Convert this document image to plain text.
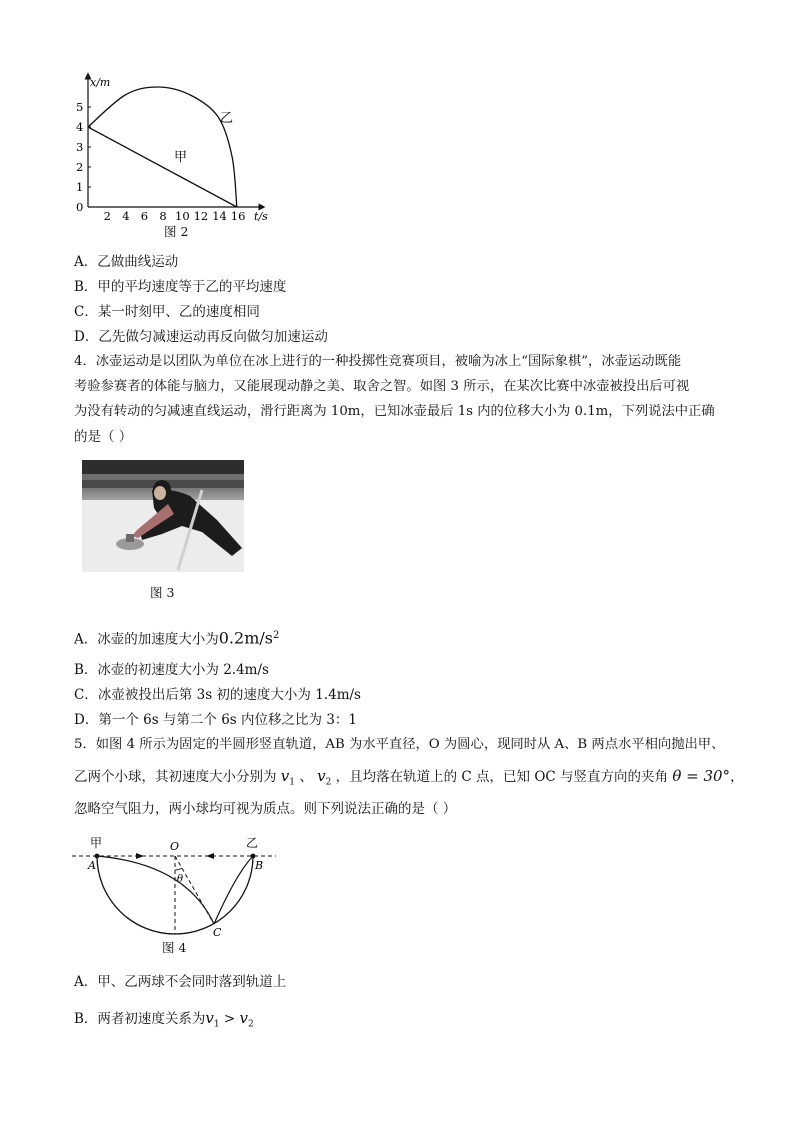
x/m
t/s
0
1
2
3
4
5
2 4 6 8 10 12 14 16
乙
甲
图 2
A．乙做曲线运动
B．甲的平均速度等于乙的平均速度
C．某一时刻甲、乙的速度相同
D．乙先做匀减速运动再反向做匀加速运动
4．冰壶运动是以团队为单位在冰上进行的一种投掷性竞赛项目，被喻为冰上“国际象棋”，冰壶运动既能
考验参赛者的体能与脑力，又能展现动静之美、取舍之智。如图 3 所示，在某次比赛中冰壶被投出后可视
为没有转动的匀减速直线运动，滑行距离为 10m，已知冰壶最后 1s 内的位移大小为 0.1m，下列说法中正确
的是（ ）
图 3
A．冰壶的加速度大小为$0.2m/s^2$
B．冰壶的初速度大小为 2.4m/s
C．冰壶被投出后第 3s 初的速度大小为 1.4m/s
D．第一个 6s 与第二个 6s 内位移之比为 3：1
5．如图 4 所示为固定的半圆形竖直轨道，AB 为水平直径，O 为圆心，现同时从 A、B 两点水平相向抛出甲、
乙两个小球，其初速度大小分别为 $v_1$ 、 $v_2$ ，且均落在轨道上的 C 点，已知 OC 与竖直方向的夹角 θ = 30°，
忽略空气阻力，两小球均可视为质点。则下列说法正确的是（ ）
甲	乙
O
A	B
C
θ
图 4
A．甲、乙两球不会同时落到轨道上
B．两者初速度关系为$v_1 > v_2$
